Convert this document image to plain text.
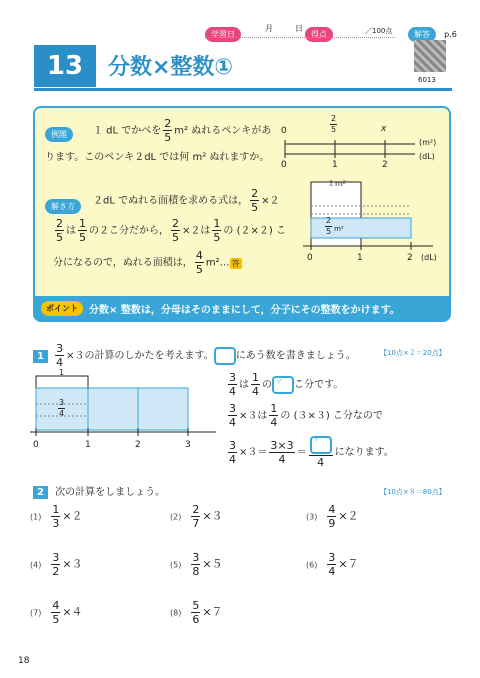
学習日
月	日
得点	／100点	解答 p.6
6013
13 分数×整数①
例題	１ dL でかべを $\frac{2}{5} m^2$ ぬれるペンキがあ
ります。このペンキ２dL では何 m² ぬれますか。
0	$\frac{2}{5}$	x
(m²)
0	1	2
(dL)
解き方	２dL でぬれる面積を求める式は， $\frac{2}{5} \times 2$
$\frac{2}{5}$ は $\frac{1}{5}$ の２こ分だから， $\frac{2}{5} \times 2$は $\frac{1}{5}$ の (２×２) こ
分になるので，ぬれる面積は， $\frac{4}{5}$ m²… 答
１m²
$\frac{2}{5} m^2$
0	1	2 (dL)
ポイント	分数× 整数は，分母はそのままにして，分子にその整数をかけます。
$1 \frac{3}{4} \times 3$の計算のしかたを考えます。 にあう数を書きましょう。	【10点×２＝20点】
1
$\frac{3}{4}$
0	1	2	3
$\frac{3}{4}$ は $\frac{1}{4}$ の ア こ分です。
$\frac{3}{4} \times 3$は $\frac{1}{4}$ の (３×３) こ分なので
$\frac{3}{4} \times 3= \frac{3\times 3}{4} = \frac{\text{イ}}{4}$ になります。
2 次の計算をしましょう。	【10点×８＝80点】
$(1) \frac{1}{3} \times 2$	$(2) \frac{2}{7} \times 3$	$(3) \frac{4}{9} \times 2$
$(4) \frac{3}{2} \times 3$	$(5) \frac{3}{8} \times 5$	$(6) \frac{3}{4} \times 7$
$(7) \frac{4}{5} \times 4$	$(8) \frac{5}{6} \times 7$
18
